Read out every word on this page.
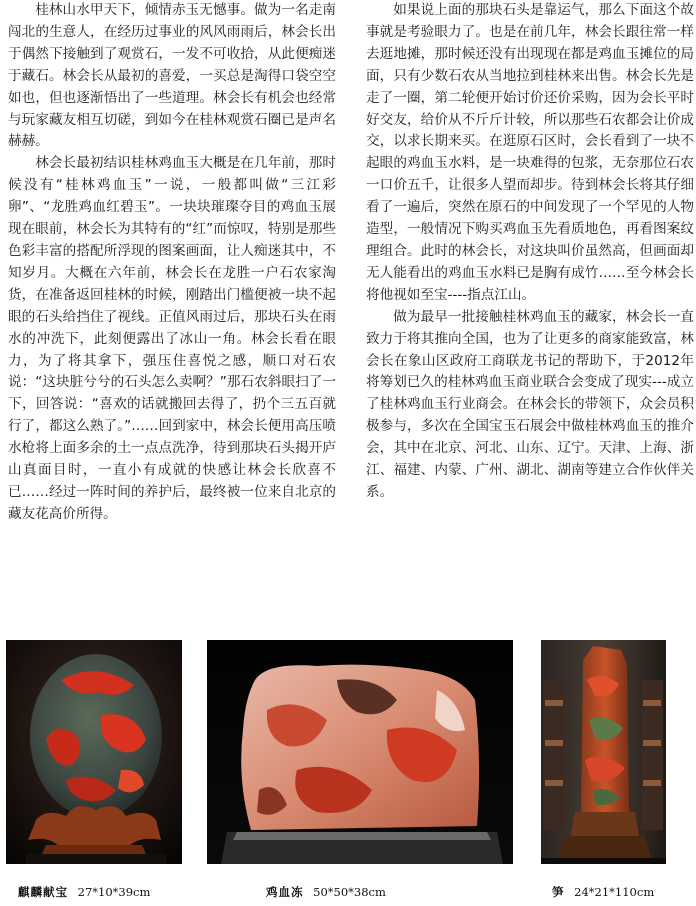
桂林山水甲天下，倾情赤玉无憾事。做为一名走南闯北的生意人，在经历过事业的风风雨雨后，林会长出于偶然下接触到了观赏石，一发不可收拾，从此便痴迷于藏石。林会长从最初的喜爱，一买总是淘得口袋空空如也，但也逐渐悟出了一些道理。林会长有机会也经常与玩家藏友相互切磋，到如今在桂林观赏石圈已是声名赫赫。

林会长最初结识桂林鸡血玉大概是在几年前，那时候没有“桂林鸡血玉”一说，一般都叫做“三江彩卵”、“龙胜鸡血红碧玉”。一块块璀璨夺目的鸡血玉展现在眼前，林会长为其特有的“红”而惊叹，特别是那些色彩丰富的搭配所浮现的图案画面，让人痴迷其中，不知岁月。大概在六年前，林会长在龙胜一户石农家淘货，在准备返回桂林的时候，刚踏出门槛便被一块不起眼的石头给挡住了视线。正值风雨过后，那块石头在雨水的冲洗下，此刻便露出了冰山一角。林会长看在眼力，为了将其拿下，强压住喜悦之感，顺口对石农说：“这块脏兮兮的石头怎么卖啊？”那石农斜眼扫了一下，回答说：“喜欢的话就搬回去得了，扔个三五百就行了，都这么熟了。”……回到家中，林会长便用高压喷水枪将上面多余的土一点点洗净，待到那块石头揭开庐山真面目时，一直小有成就的快感让林会长欣喜不已……经过一阵时间的养护后，最终被一位来自北京的藏友花高价所得。

如果说上面的那块石头是靠运气，那么下面这个故事就是考验眼力了。也是在前几年，林会长跟往常一样去逛地摊，那时候还没有出现现在都是鸡血玉摊位的局面，只有少数石农从当地拉到桂林来出售。林会长先是走了一圈，第二轮便开始讨价还价采购，因为会长平时好交友，给价从不斤斤计较，所以那些石农都会让价成交，以求长期来买。在逛原石区时，会长看到了一块不起眼的鸡血玉水料，是一块难得的包浆，无奈那位石农一口价五千，让很多人望而却步。待到林会长将其仔细看了一遍后，突然在原石的中间发现了一个罕见的人物造型，一般情况下购买鸡血玉先看质地色，再看图案纹理组合。此时的林会长，对这块叫价虽然高，但画面却无人能看出的鸡血玉水料已是胸有成竹……至今林会长将他视如至宝----指点江山。

做为最早一批接触桂林鸡血玉的藏家，林会长一直致力于将其推向全国，也为了让更多的商家能致富，林会长在象山区政府工商联龙书记的帮助下，于2012年将筹划已久的桂林鸡血玉商业联合会变成了现实---成立了桂林鸡血玉行业商会。在林会长的带领下，众会员积极参与，多次在全国宝玉石展会中做桂林鸡血玉的推介会，其中在北京、河北、山东、辽宁。天津、上海、浙江、福建、内蒙、广州、湖北、湖南等建立合作伙伴关系。

麒麟献宝 27*10*39cm	鸡血冻 50*50*38cm	笋 24*21*110cm
